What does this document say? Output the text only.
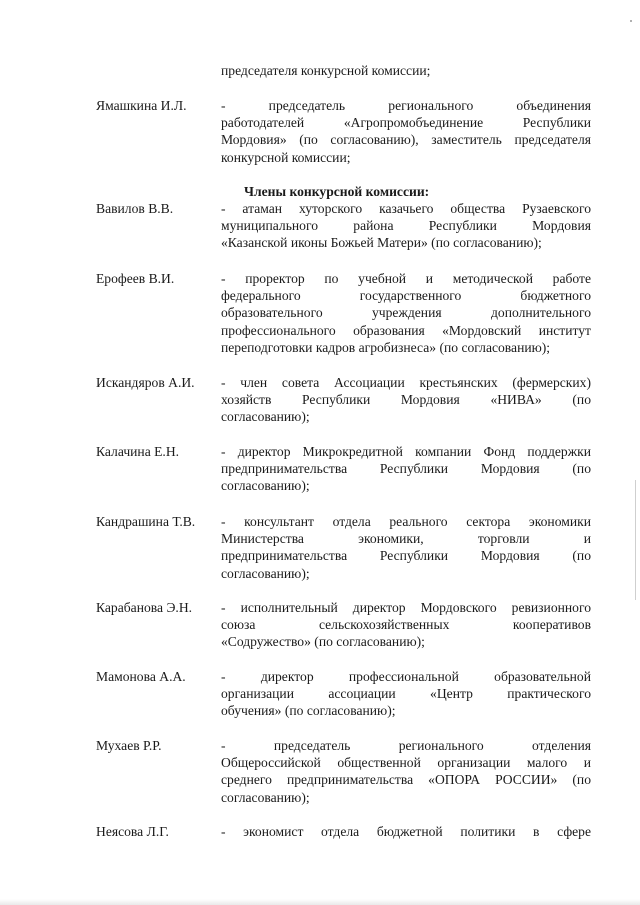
председателя конкурсной комиссии;
Ямашкина И.Л.	- председатель регионального объединения
работодателей «Агропромобъединение Республики
Мордовия» (по согласованию), заместитель председателя
конкурсной комиссии;
Члены конкурсной комиссии:
Вавилов В.В.	- атаман хуторского казачьего общества Рузаевского
муниципального района Республики Мордовия
«Казанской иконы Божьей Матери» (по согласованию);
Ерофеев В.И.	- проректор по учебной и методической работе
федерального государственного бюджетного
образовательного учреждения дополнительного
профессионального образования «Мордовский институт
переподготовки кадров агробизнеса» (по согласованию);
Искандяров А.И. - член совета Ассоциации крестьянских (фермерских)
хозяйств Республики Мордовия «НИВА» (по
согласованию);
Калачина Е.Н.	- директор Микрокредитной компании Фонд поддержки
предпринимательства Республики Мордовия (по
согласованию);
Кандрашина Т.В. - консультант отдела реального сектора экономики
Министерства экономики, торговли и
предпринимательства Республики Мордовия (по
согласованию);
Карабанова Э.Н. - исполнительный директор Мордовского ревизионного
союза сельскохозяйственных кооперативов
«Содружество» (по согласованию);
Мамонова А.А.	- директор профессиональной образовательной
организации ассоциации «Центр практического
обучения» (по согласованию);
Мухаев Р.Р.	- председатель регионального отделения
Общероссийской общественной организации малого и
среднего предпринимательства «ОПОРА РОССИИ» (по
согласованию);
Неясова Л.Г.	- экономист отдела бюджетной политики в сфере
